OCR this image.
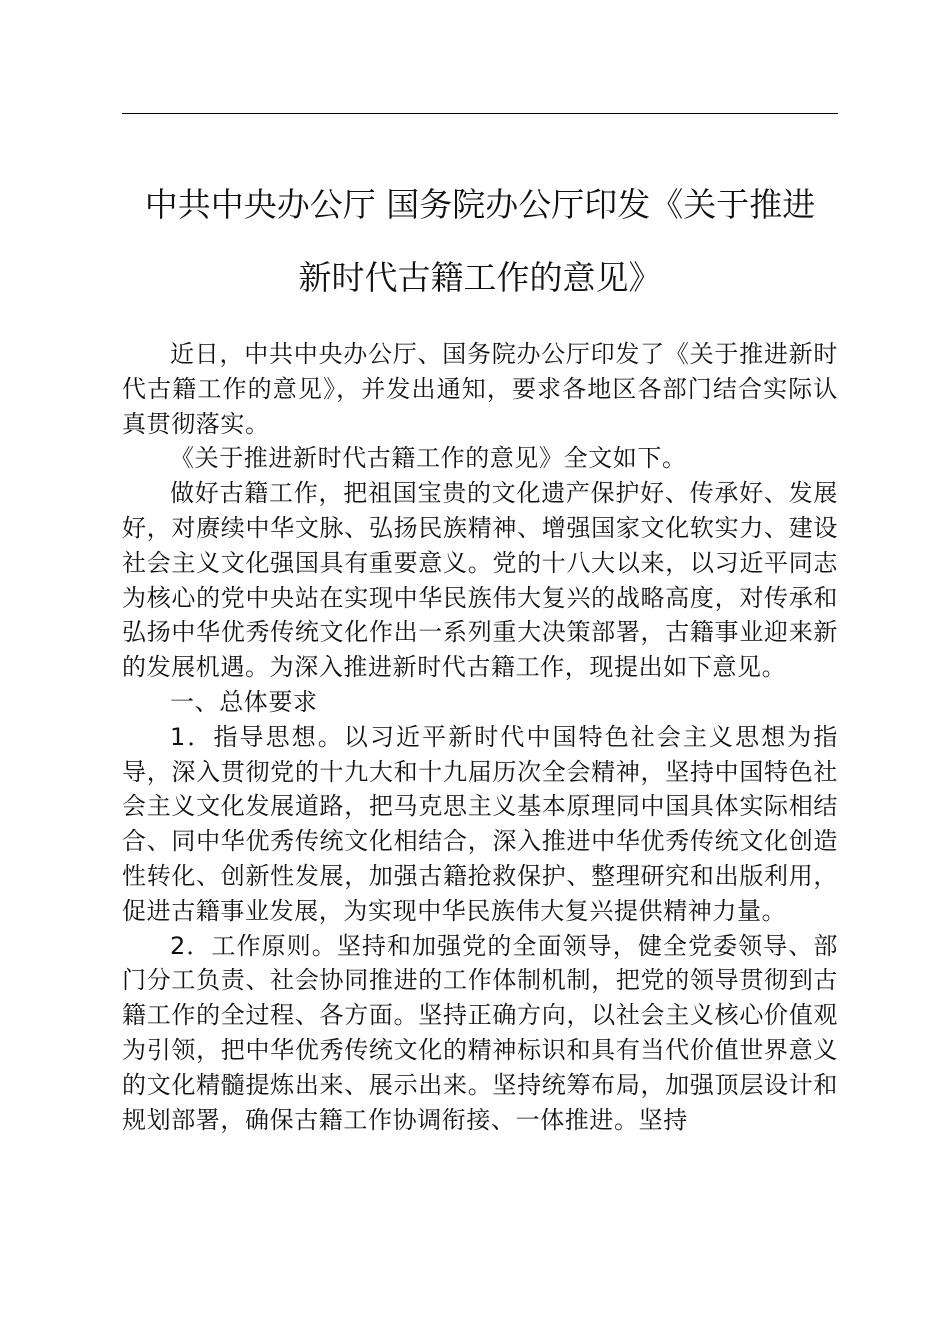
中共中央办公厅 国务院办公厅印发《关于推进
新时代古籍工作的意见》

近日，中共中央办公厅、国务院办公厅印发了《关于推进新时代古籍工作的意见》，并发出通知，要求各地区各部门结合实际认真贯彻落实。

《关于推进新时代古籍工作的意见》全文如下。

做好古籍工作，把祖国宝贵的文化遗产保护好、传承好、发展好，对赓续中华文脉、弘扬民族精神、增强国家文化软实力、建设社会主义文化强国具有重要意义。党的十八大以来，以习近平同志为核心的党中央站在实现中华民族伟大复兴的战略高度，对传承和弘扬中华优秀传统文化作出一系列重大决策部署，古籍事业迎来新的发展机遇。为深入推进新时代古籍工作，现提出如下意见。

一、总体要求

1．指导思想。以习近平新时代中国特色社会主义思想为指导，深入贯彻党的十九大和十九届历次全会精神，坚持中国特色社会主义文化发展道路，把马克思主义基本原理同中国具体实际相结合、同中华优秀传统文化相结合，深入推进中华优秀传统文化创造性转化、创新性发展，加强古籍抢救保护、整理研究和出版利用，促进古籍事业发展，为实现中华民族伟大复兴提供精神力量。

2．工作原则。坚持和加强党的全面领导，健全党委领导、部门分工负责、社会协同推进的工作体制机制，把党的领导贯彻到古籍工作的全过程、各方面。坚持正确方向，以社会主义核心价值观为引领，把中华优秀传统文化的精神标识和具有当代价值世界意义的文化精髓提炼出来、展示出来。坚持统筹布局，加强顶层设计和规划部署，确保古籍工作协调衔接、一体推进。坚持
